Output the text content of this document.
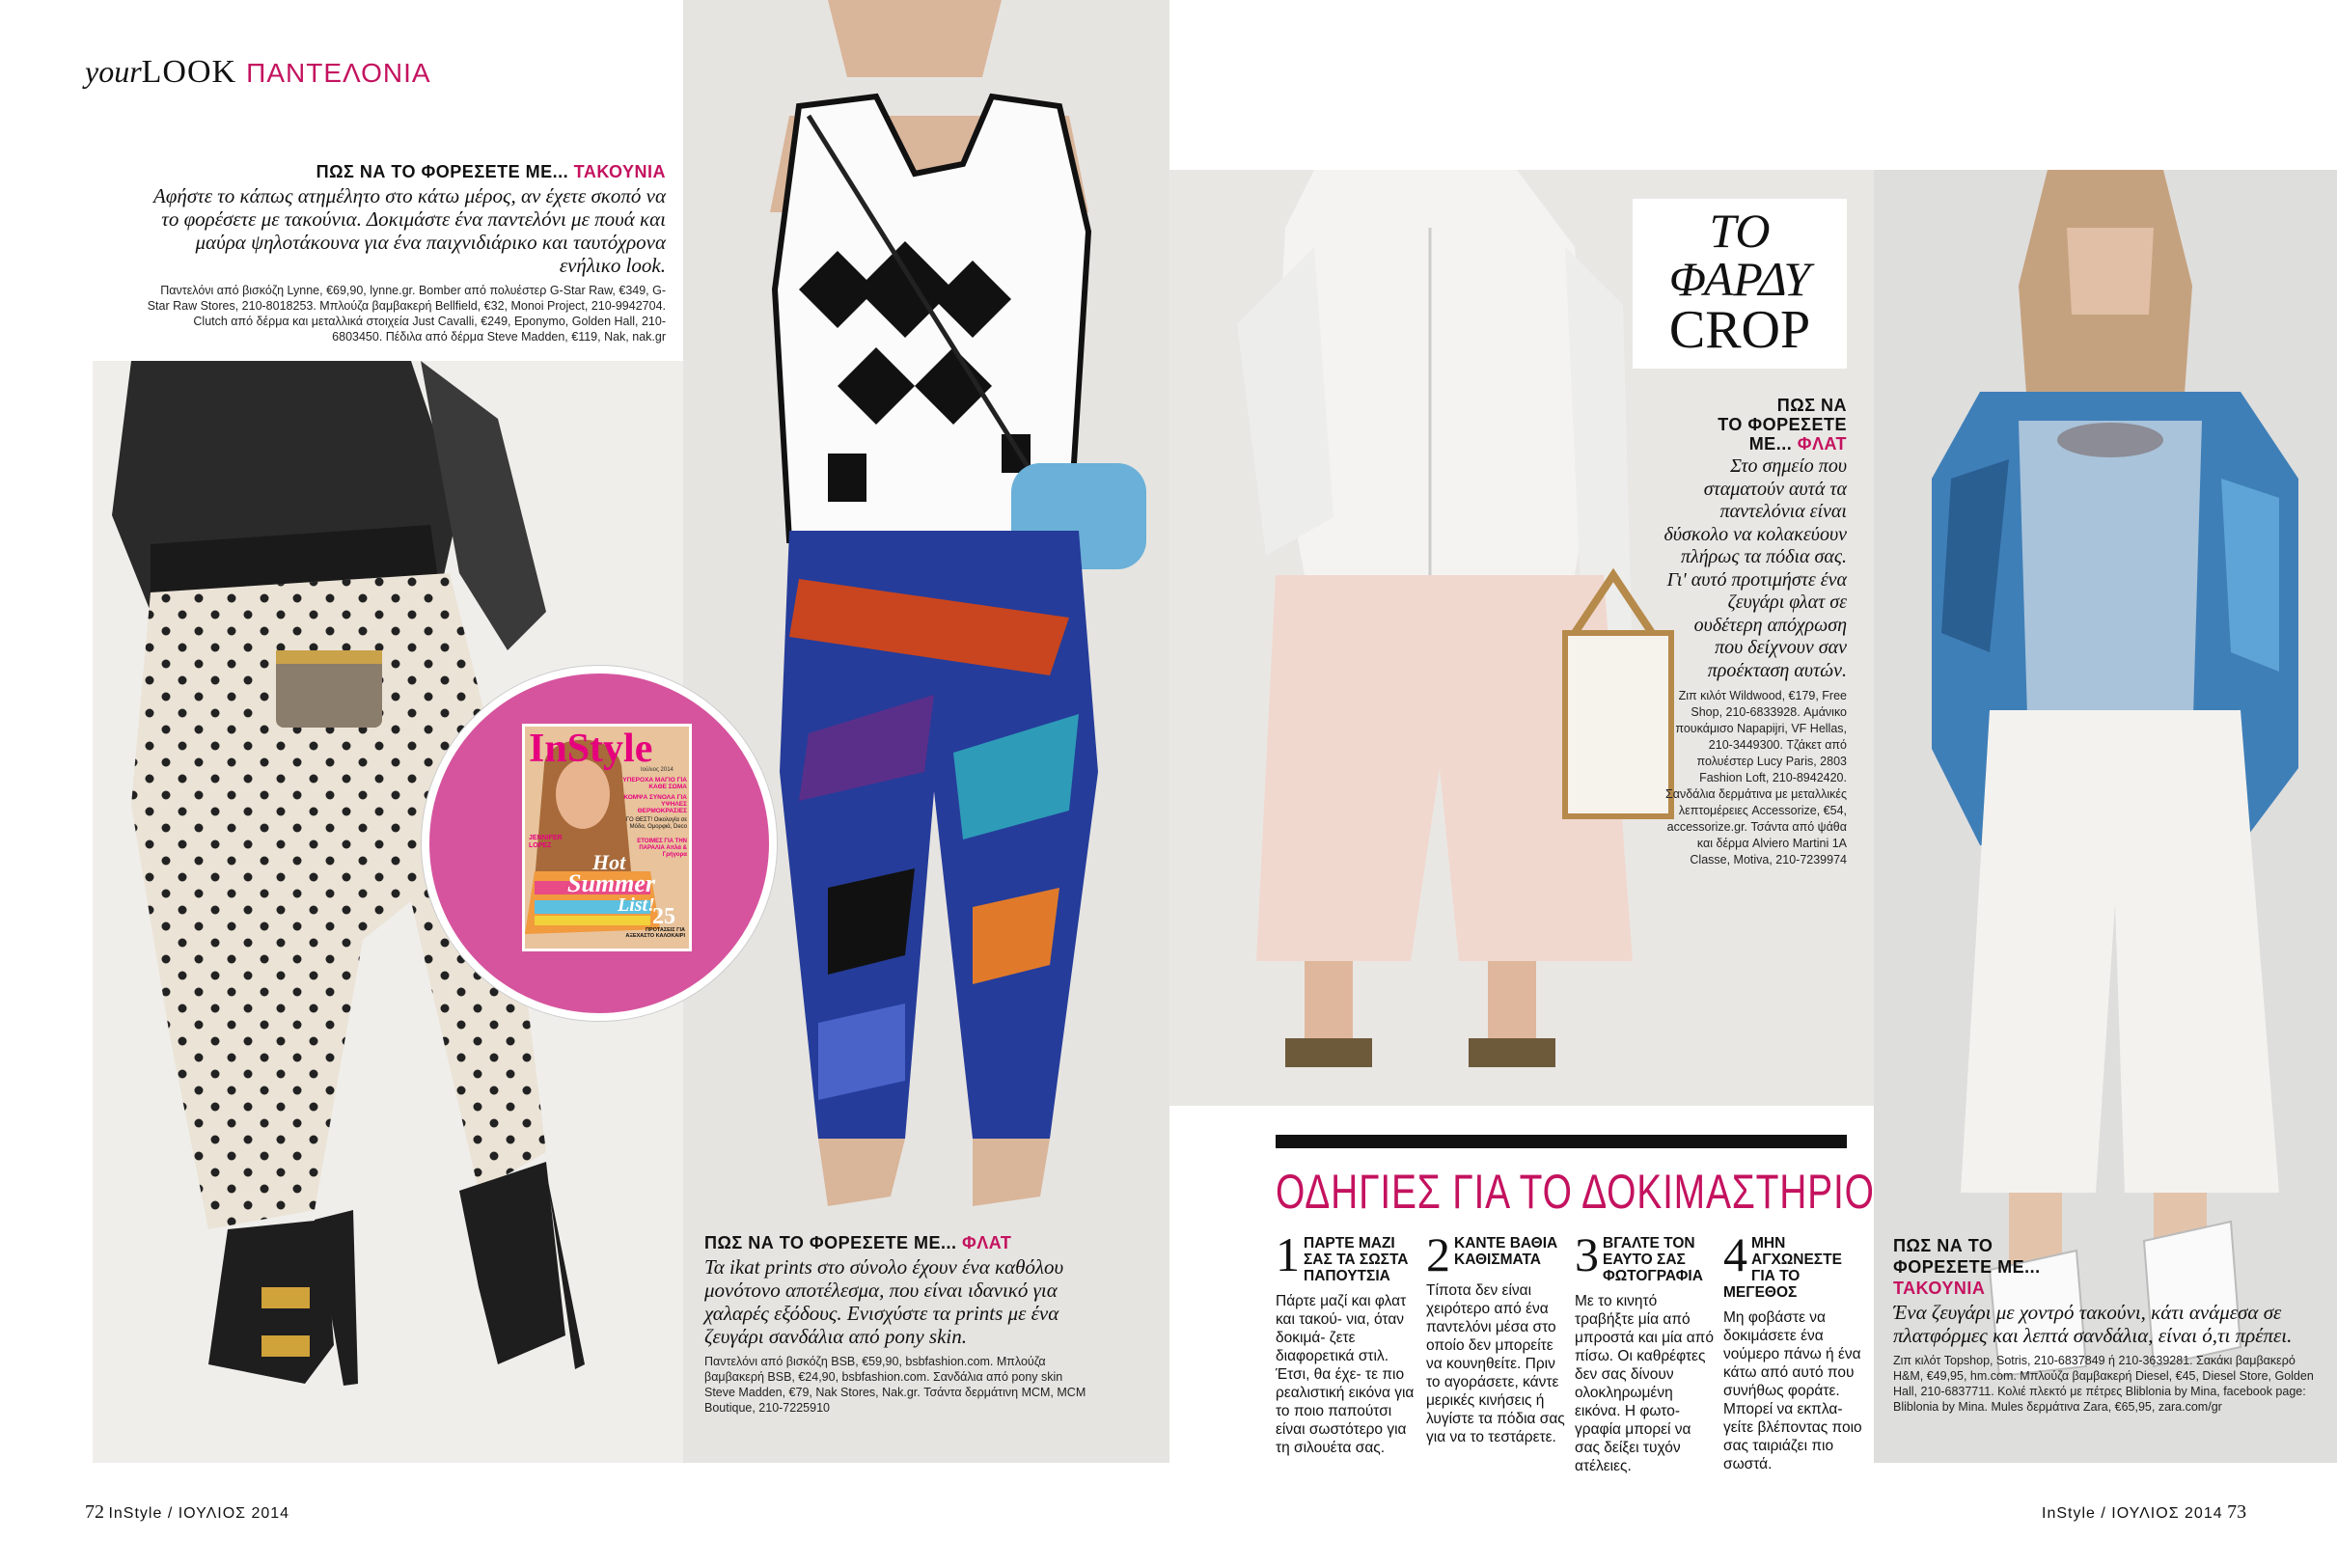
yourLOOK ΠΑΝΤΕΛΟΝΙΑ
ΠΩΣ ΝΑ ΤΟ ΦΟΡΕΣΕΤΕ ΜΕ... ΤΑΚΟΥΝΙΑ
Αφήστε το κάπως ατημέλητο στο κάτω μέρος, αν έχετε σκοπό να το φορέσετε με τακούνια. Δοκιμάστε ένα παντελόνι με πουά και μαύρα ψηλοτάκουνα για ένα παιχνιδιάρικο και ταυτόχρονα ενήλικο look.
Παντελόνι από βισκόζη Lynne, €69,90, lynne.gr. Bomber από πολυέστερ G-Star Raw, €349, G-Star Raw Stores, 210-8018253. Μπλούζα βαμβακερή Bellfield, €32, Monoi Project, 210-9942704. Clutch από δέρμα και μεταλλικά στοιχεία Just Cavalli, €249, Eponymo, Golden Hall, 210-6803450. Πέδιλα από δέρμα Steve Madden, €119, Nak, nak.gr
InStyle
Ιούλιος 2014
ΥΠΕΡΟΧΑ ΜΑΓΙΟ ΓΙΑ ΚΑΘΕ ΣΩΜΑ
ΚΟΜΨΑ ΣΥΝΟΛΑ ΓΙΑ ΥΨΗΛΕΣ ΘΕΡΜΟΚΡΑΣΙΕΣ
ΓΟ ΘΕΣΤ! Οικολογία σε Μόδα, Ομορφιά, Deco
ΕΤΟΙΜΕΣ ΓΙΑ ΤΗΝ ΠΑΡΑΛΙΑ Απλά & Γρήγορα
JENNIFER LOPEZ
Hot
Summer
List!
25
ΠΡΟΤΑΣΕΙΣ ΓΙΑ ΑΞΕΧΑΣΤΟ ΚΑΛΟΚΑΙΡΙ
ΠΩΣ ΝΑ ΤΟ ΦΟΡΕΣΕΤΕ ΜΕ... ΦΛΑΤ
Τα ikat prints στο σύνολο έχουν ένα καθόλου μονότονο αποτέλεσμα, που είναι ιδανικό για χαλαρές εξόδους. Ενισχύστε τα prints με ένα ζευγάρι σανδάλια από pony skin.
Παντελόνι από βισκόζη BSB, €59,90, bsbfashion.com. Μπλούζα βαμβακερή BSB, €24,90, bsbfashion.com. Σανδάλια από pony skin Steve Madden, €79, Nak Stores, Nak.gr. Τσάντα δερμάτινη MCM, MCM Boutique, 210-7225910
ΤΟ
ΦΑΡΔΥ
CROP
ΠΩΣ ΝΑ
ΤΟ ΦΟΡΕΣΕΤΕ
ΜΕ... ΦΛΑΤ
Στο σημείο που σταματούν αυτά τα παντελόνια είναι δύσκολο να κολακεύουν πλήρως τα πόδια σας. Γι' αυτό προτιμήστε ένα ζευγάρι φλατ σε ουδέτερη απόχρωση που δείχνουν σαν προέκταση αυτών.
Ζιπ κιλότ Wildwood, €179, Free Shop, 210-6833928. Αμάνικο πουκάμισο Napapijri, VF Hellas, 210-3449300. Τζάκετ από πολυέστερ Lucy Paris, 2803 Fashion Loft, 210-8942420. Σανδάλια δερμάτινα με μεταλλικές λεπτομέρειες Accessorize, €54, accessorize.gr. Τσάντα από ψάθα και δέρμα Alviero Martini 1A Classe, Motiva, 210-7239974
ΟΔΗΓΙΕΣ ΓΙΑ ΤΟ ΔΟΚΙΜΑΣΤΗΡΙΟ
1 ΠΑΡΤΕ ΜΑΖΙ ΣΑΣ ΤΑ ΣΩΣΤΑ ΠΑΠΟΥΤΣΙΑ
Πάρτε μαζί και φλατ και τακού- νια, όταν δοκιμά- ζετε διαφορετικά στιλ. Έτσι, θα έχε- τε πιο ρεαλιστική εικόνα για το ποιο παπούτσι είναι σωστότερο για τη σιλουέτα σας.
2 ΚΑΝΤΕ ΒΑΘΙΑ ΚΑΘΙΣΜΑΤΑ
Τίποτα δεν είναι χειρότερο από ένα παντελόνι μέσα στο οποίο δεν μπορείτε να κουνηθείτε. Πριν το αγοράσετε, κάντε μερικές κινήσεις ή λυγίστε τα πόδια σας για να το τεστάρετε.
3 ΒΓΑΛΤΕ ΤΟΝ ΕΑΥΤΟ ΣΑΣ ΦΩΤΟΓΡΑΦΙΑ
Με το κινητό τραβήξτε μία από μπροστά και μία από πίσω. Οι καθρέφτες δεν σας δίνουν ολοκληρωμένη εικόνα. Η φωτο- γραφία μπορεί να σας δείξει τυχόν ατέλειες.
4 ΜΗΝ ΑΓΧΩΝΕΣΤΕ ΓΙΑ ΤΟ ΜΕΓΕΘΟΣ
Μη φοβάστε να δοκιμάσετε ένα νούμερο πάνω ή ένα κάτω από αυτό που συνήθως φοράτε. Μπορεί να εκπλα- γείτε βλέποντας ποιο σας ταιριάζει πιο σωστά.
ΠΩΣ ΝΑ ΤΟ
ΦΟΡΕΣΕΤΕ ΜΕ...
ΤΑΚΟΥΝΙΑ
Ένα ζευγάρι με χοντρό τακούνι, κάτι ανάμεσα σε πλατφόρμες και λεπτά σανδάλια, είναι ό,τι πρέπει.
Ζιπ κιλότ Topshop, Sotris, 210-6837849 ή 210-3639281. Σακάκι βαμβακερό H&M, €49,95, hm.com. Μπλούζα βαμβακερή Diesel, €45, Diesel Store, Golden Hall, 210-6837711. Κολιέ πλεκτό με πέτρες Bliblonia by Mina, facebook page: Bliblonia by Mina. Mules δερμάτινα Zara, €65,95, zara.com/gr
72 InStyle / ΙΟΥΛΙΟΣ 2014	InStyle / ΙΟΥΛΙΟΣ 2014 73
